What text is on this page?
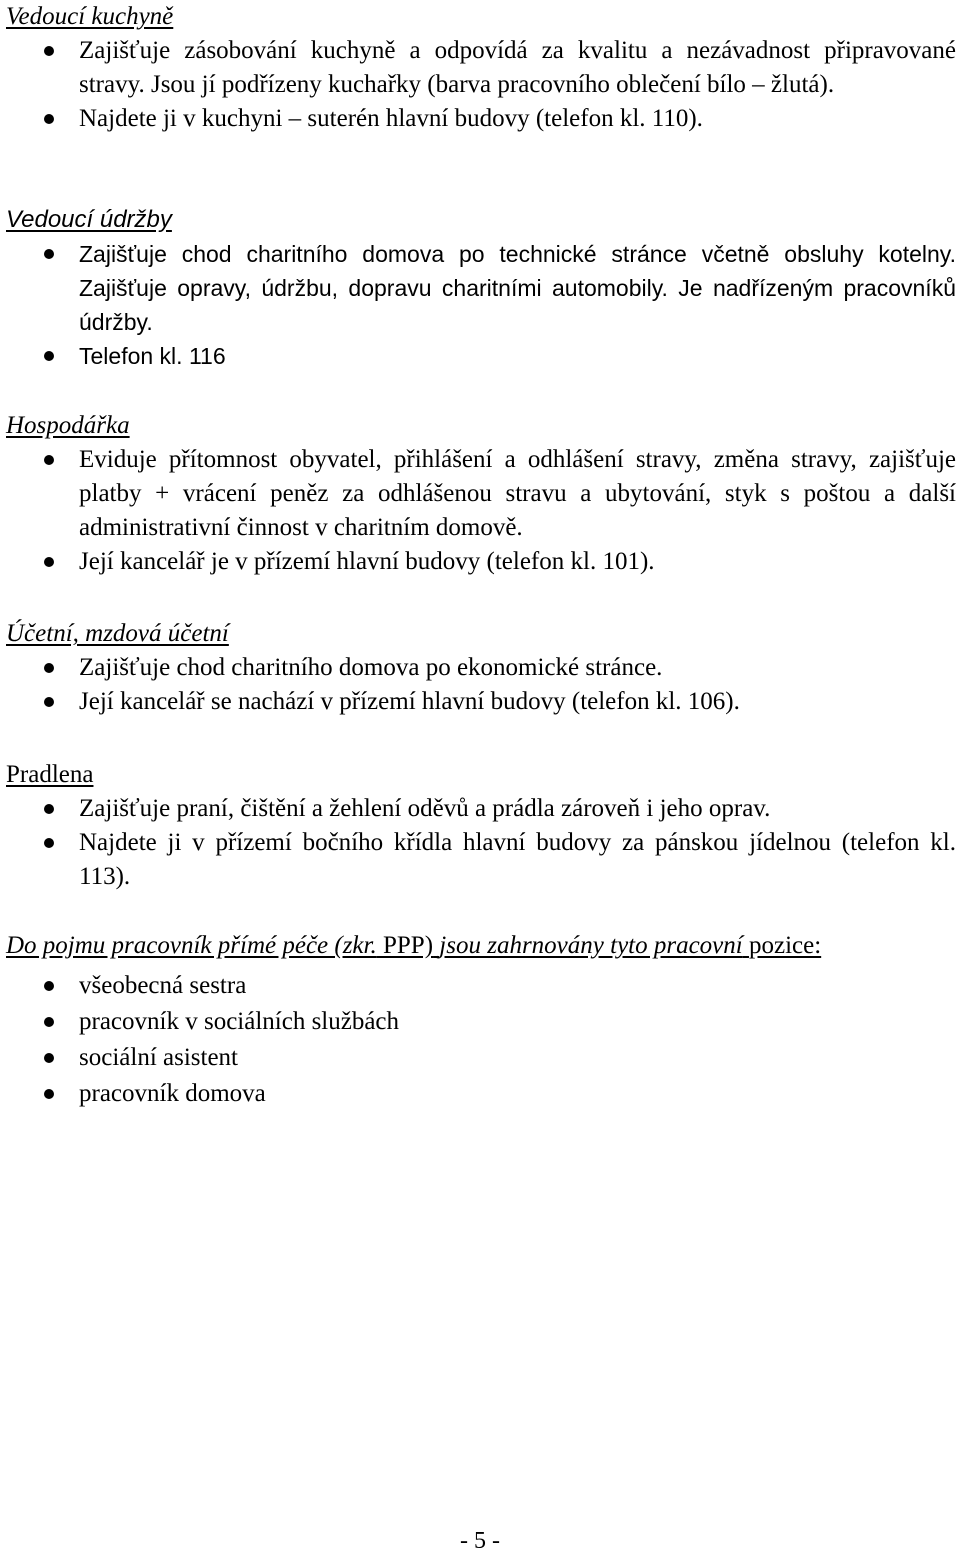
Vedoucí kuchyně
Zajišťuje zásobování kuchyně a odpovídá za kvalitu a nezávadnost připravované stravy. Jsou jí podřízeny kuchařky (barva pracovního oblečení bílo – žlutá).
Najdete ji v kuchyni – suterén hlavní budovy (telefon kl. 110).
Vedoucí údržby
Zajišťuje chod charitního domova po technické stránce včetně obsluhy kotelny. Zajišťuje opravy, údržbu, dopravu charitními automobily. Je nadřízeným pracovníků údržby.
Telefon kl. 116
Hospodářka
Eviduje přítomnost obyvatel, přihlášení a odhlášení stravy, změna stravy, zajišťuje platby + vrácení peněz za odhlášenou stravu a ubytování, styk s poštou a další administrativní činnost v charitním domově.
Její kancelář je v přízemí hlavní budovy (telefon kl. 101).
Účetní, mzdová účetní
Zajišťuje chod charitního domova po ekonomické stránce.
Její kancelář se nachází v přízemí hlavní budovy (telefon kl. 106).
Pradlena
Zajišťuje praní, čištění a žehlení oděvů a prádla zároveň i jeho oprav.
Najdete ji v přízemí bočního křídla hlavní budovy za pánskou jídelnou (telefon kl. 113).

Do pojmu pracovník přímé péče (zkr. PPP) jsou zahrnovány tyto pracovní pozice:

všeobecná sestra
pracovník v sociálních službách
sociální asistent
pracovník domova
- 5 -
